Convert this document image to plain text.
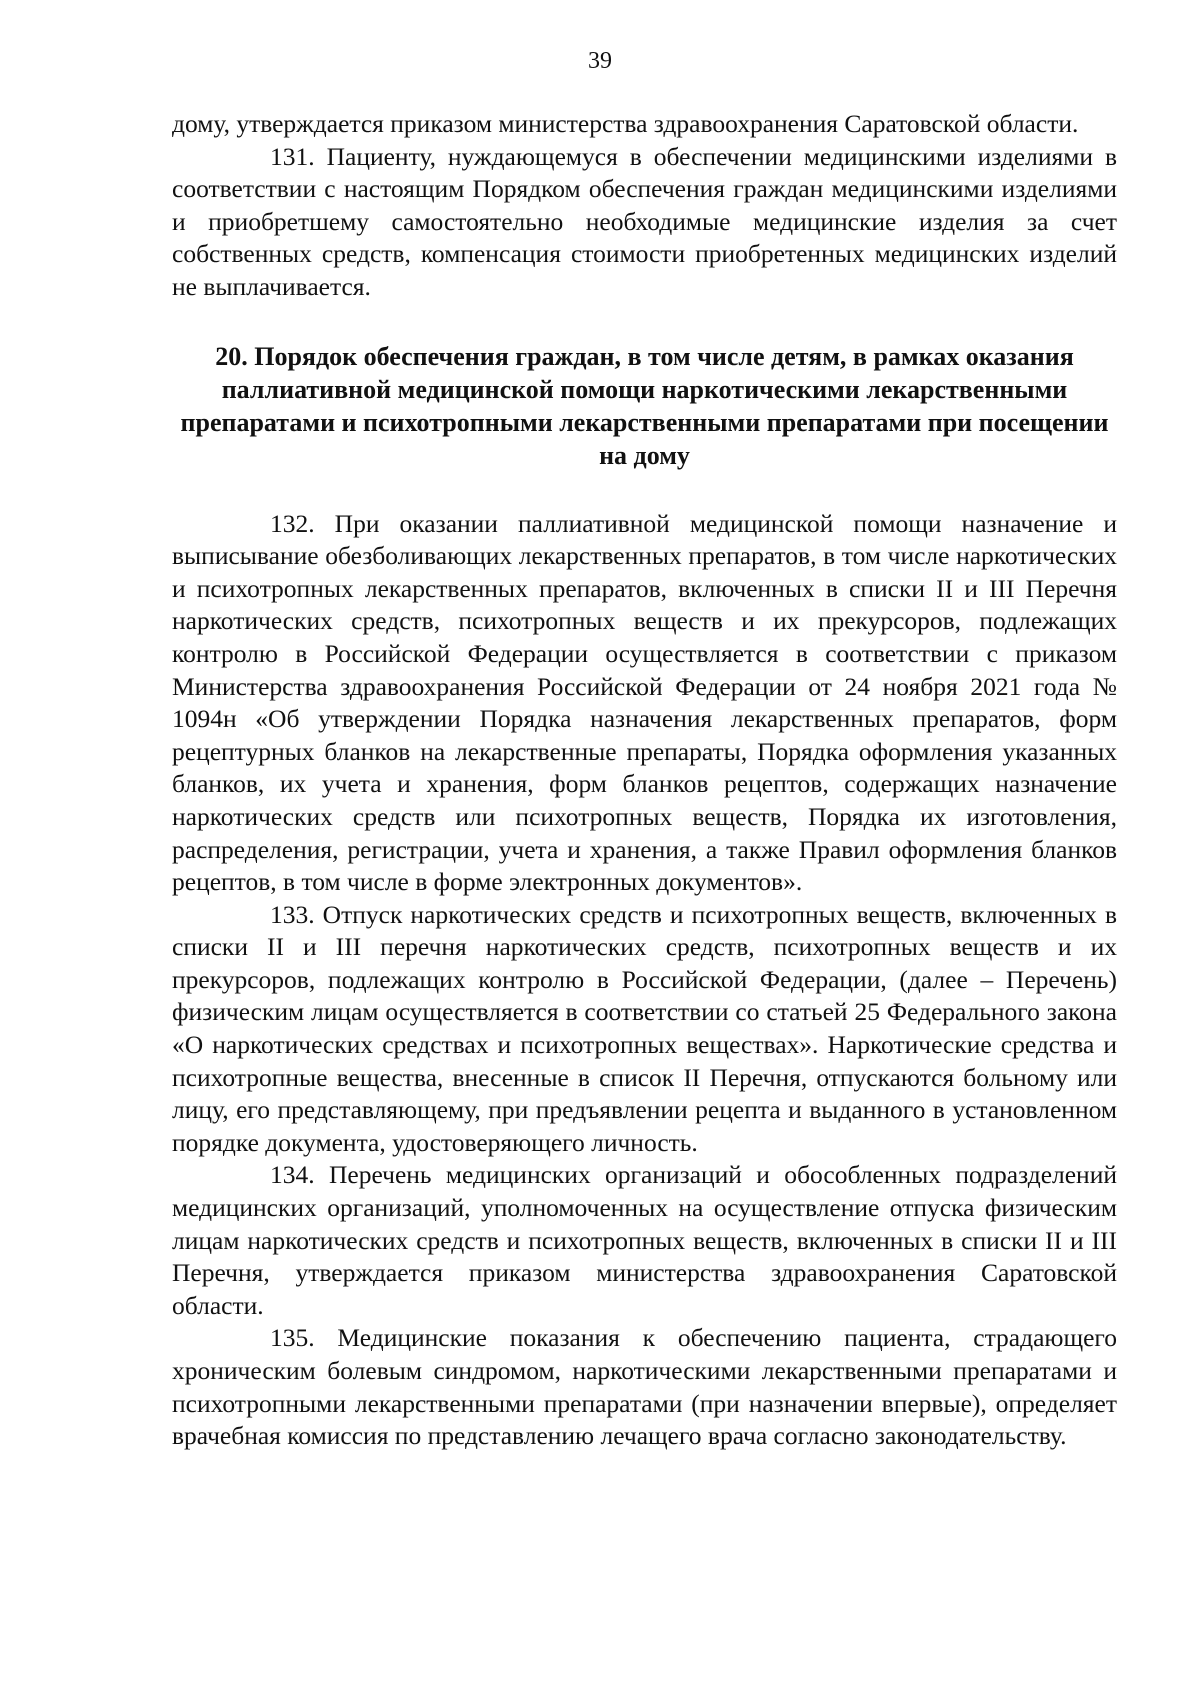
39

дому, утверждается приказом министерства здравоохранения Саратовской области.

131. Пациенту, нуждающемуся в обеспечении медицинскими изделиями в соответствии с настоящим Порядком обеспечения граждан медицинскими изделиями и приобретшему самостоятельно необходимые медицинские изделия за счет собственных средств, компенсация стоимости приобретенных медицинских изделий не выплачивается.

20. Порядок обеспечения граждан, в том числе детям, в рамках оказания паллиативной медицинской помощи наркотическими лекарственными препаратами и психотропными лекарственными препаратами при посещении на дому

132. При оказании паллиативной медицинской помощи назначение и выписывание обезболивающих лекарственных препаратов, в том числе наркотических и психотропных лекарственных препаратов, включенных в списки II и III Перечня наркотических средств, психотропных веществ и их прекурсоров, подлежащих контролю в Российской Федерации осуществляется в соответствии с приказом Министерства здравоохранения Российской Федерации от 24 ноября 2021 года № 1094н «Об утверждении Порядка назначения лекарственных препаратов, форм рецептурных бланков на лекарственные препараты, Порядка оформления указанных бланков, их учета и хранения, форм бланков рецептов, содержащих назначение наркотических средств или психотропных веществ, Порядка их изготовления, распределения, регистрации, учета и хранения, а также Правил оформления бланков рецептов, в том числе в форме электронных документов».

133. Отпуск наркотических средств и психотропных веществ, включенных в списки II и III перечня наркотических средств, психотропных веществ и их прекурсоров, подлежащих контролю в Российской Федерации, (далее – Перечень) физическим лицам осуществляется в соответствии со статьей 25 Федерального закона «О наркотических средствах и психотропных веществах». Наркотические средства и психотропные вещества, внесенные в список II Перечня, отпускаются больному или лицу, его представляющему, при предъявлении рецепта и выданного в установленном порядке документа, удостоверяющего личность.

134. Перечень медицинских организаций и обособленных подразделений медицинских организаций, уполномоченных на осуществление отпуска физическим лицам наркотических средств и психотропных веществ, включенных в списки II и III Перечня, утверждается приказом министерства здравоохранения Саратовской области.

135. Медицинские показания к обеспечению пациента, страдающего хроническим болевым синдромом, наркотическими лекарственными препаратами и психотропными лекарственными препаратами (при назначении впервые), определяет врачебная комиссия по представлению лечащего врача согласно законодательству.
